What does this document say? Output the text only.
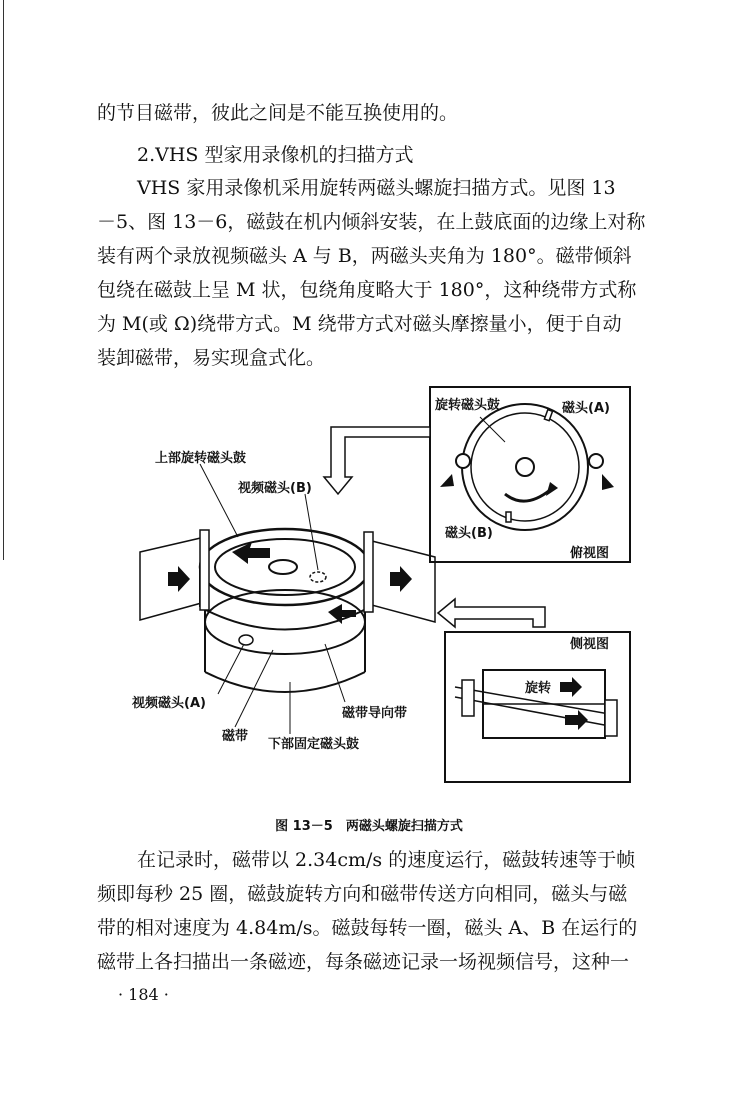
的节目磁带，彼此之间是不能互换使用的。

2.VHS 型家用录像机的扫描方式

VHS 家用录像机采用旋转两磁头螺旋扫描方式。见图 13
－5、图 13－6，磁鼓在机内倾斜安装，在上鼓底面的边缘上对称
装有两个录放视频磁头 A 与 B，两磁头夹角为 180°。磁带倾斜
包绕在磁鼓上呈 M 状，包绕角度略大于 180°，这种绕带方式称
为 M(或 Ω)绕带方式。M 绕带方式对磁头摩擦量小，便于自动
装卸磁带，易实现盒式化。

旋转磁头鼓	磁头(A)
磁头(B)
俯视图
旋转
侧视图
上部旋转磁头鼓
视频磁头(B)
视频磁头(A)
磁带
磁带导向带
下部固定磁头鼓
图 13－5　两磁头螺旋扫描方式

在记录时，磁带以 2.34cm/s 的速度运行，磁鼓转速等于帧
频即每秒 25 圈，磁鼓旋转方向和磁带传送方向相同，磁头与磁
带的相对速度为 4.84m/s。磁鼓每转一圈，磁头 A、B 在运行的
磁带上各扫描出一条磁迹，每条磁迹记录一场视频信号，这种一

· 184 ·
